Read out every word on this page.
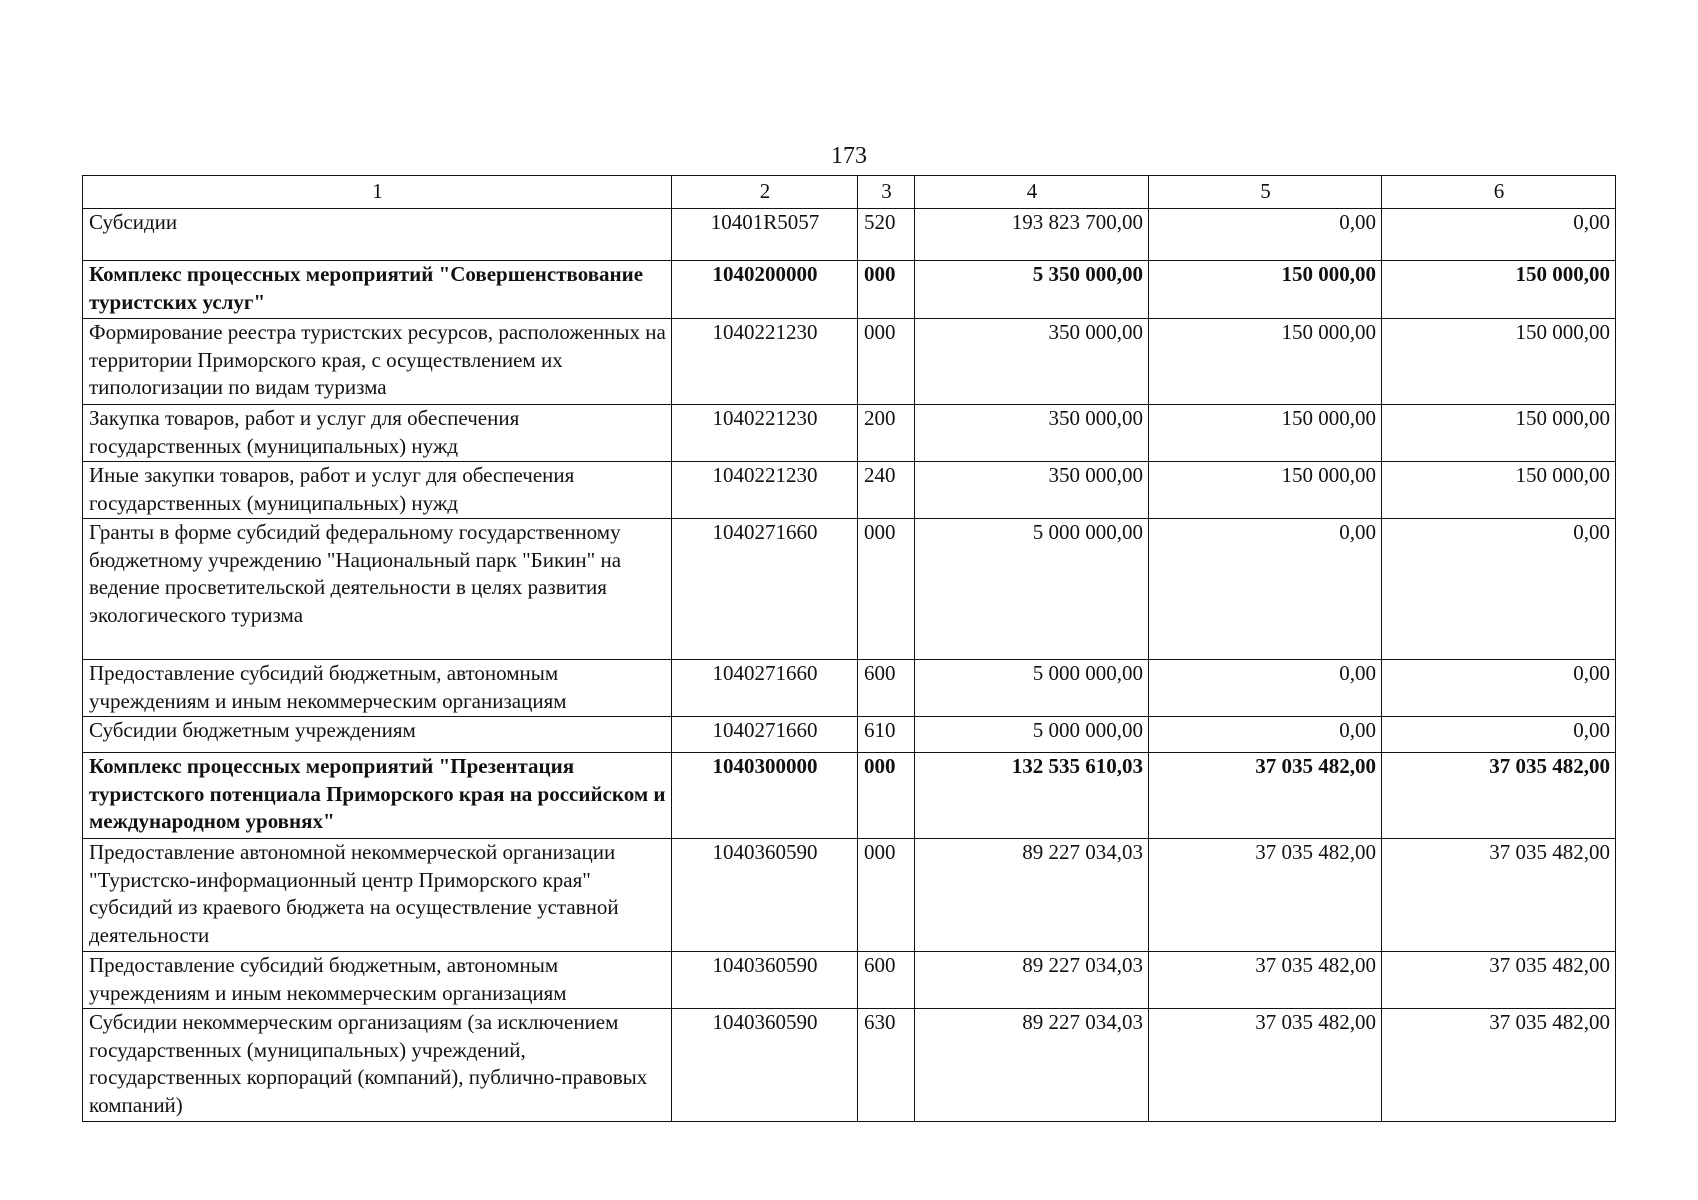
173
1	2	3	4	5	6
Субсидии	10401R5057	520	193 823 700,00	0,00	0,00
Комплекс процессных мероприятий "Совершенствование туристских услуг"	1040200000	000	5 350 000,00	150 000,00	150 000,00
Формирование реестра туристских ресурсов, расположенных на территории Приморского края, с осуществлением их типологизации по видам туризма	1040221230	000	350 000,00	150 000,00	150 000,00
Закупка товаров, работ и услуг для обеспечения государственных (муниципальных) нужд	1040221230	200	350 000,00	150 000,00	150 000,00
Иные закупки товаров, работ и услуг для обеспечения государственных (муниципальных) нужд	1040221230	240	350 000,00	150 000,00	150 000,00
Гранты в форме субсидий федеральному государственному бюджетному учреждению "Национальный парк "Бикин" на ведение просветительской деятельности в целях развития экологического туризма	1040271660	000	5 000 000,00	0,00	0,00
Предоставление субсидий бюджетным, автономным учреждениям и иным некоммерческим организациям	1040271660	600	5 000 000,00	0,00	0,00
Субсидии бюджетным учреждениям	1040271660	610	5 000 000,00	0,00	0,00
Комплекс процессных мероприятий "Презентация туристского потенциала Приморского края на российском и международном уровнях"	1040300000	000	132 535 610,03	37 035 482,00	37 035 482,00
Предоставление автономной некоммерческой организации "Туристско-информационный центр Приморского края" субсидий из краевого бюджета на осуществление уставной деятельности	1040360590	000	89 227 034,03	37 035 482,00	37 035 482,00
Предоставление субсидий бюджетным, автономным учреждениям и иным некоммерческим организациям	1040360590	600	89 227 034,03	37 035 482,00	37 035 482,00
Субсидии некоммерческим организациям (за исключением государственных (муниципальных) учреждений, государственных корпораций (компаний), публично-правовых компаний)	1040360590	630	89 227 034,03	37 035 482,00	37 035 482,00
